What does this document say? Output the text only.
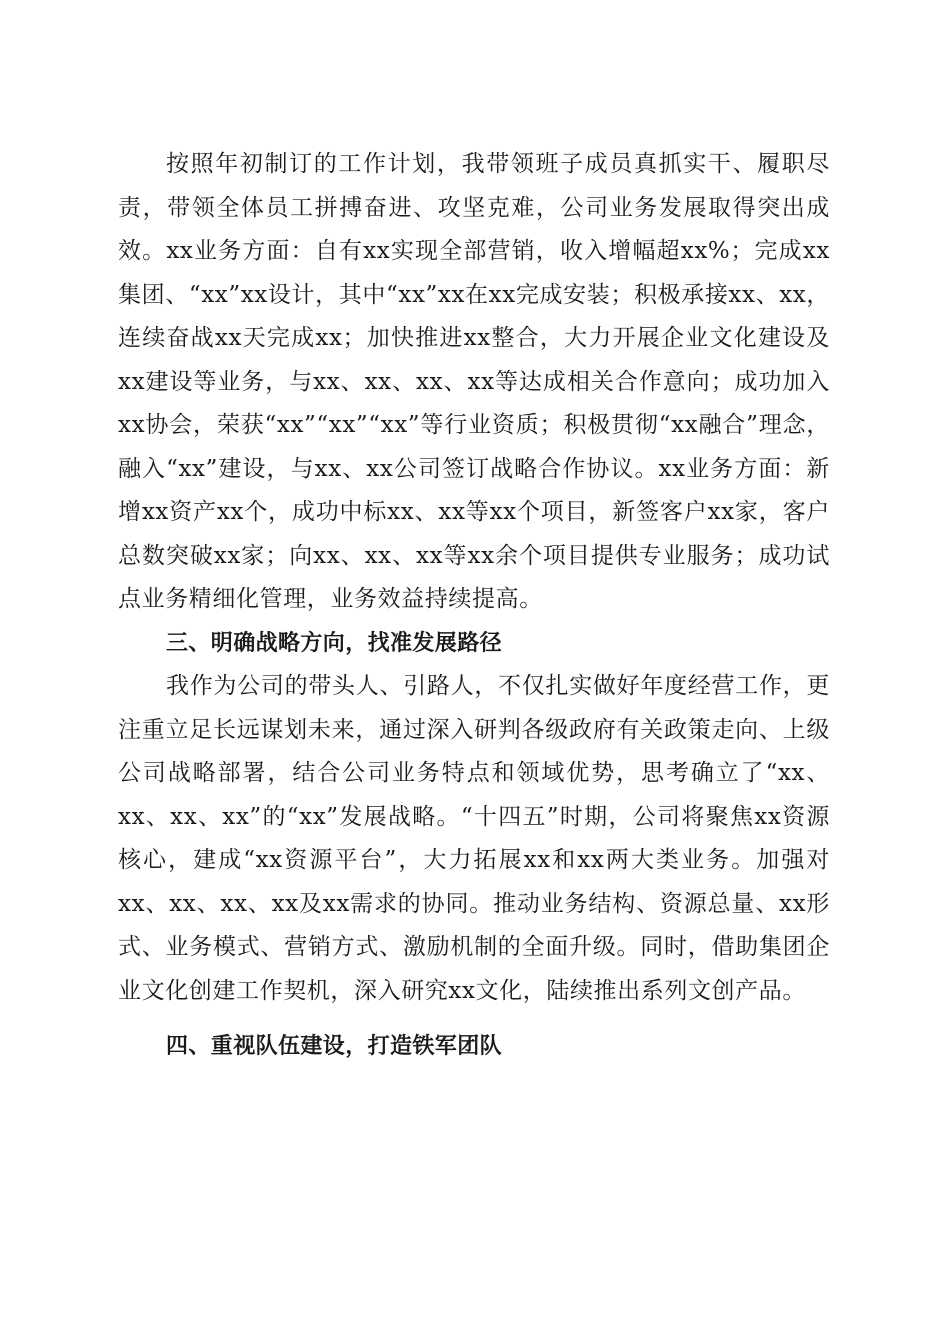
按照年初制订的工作计划，我带领班子成员真抓实干、履职尽责，带领全体员工拼搏奋进、攻坚克难，公司业务发展取得突出成效。xx业务方面：自有xx实现全部营销，收入增幅超xx%；完成xx集团、“xx”xx设计，其中“xx”xx在xx完成安装；积极承接xx、xx，连续奋战xx天完成xx；加快推进xx整合，大力开展企业文化建设及xx建设等业务，与xx、xx、xx、xx等达成相关合作意向；成功加入xx协会，荣获“xx”“xx”“xx”等行业资质；积极贯彻“xx融合”理念，融入“xx”建设，与xx、xx公司签订战略合作协议。xx业务方面：新增xx资产xx个，成功中标xx、xx等xx个项目，新签客户xx家，客户总数突破xx家；向xx、xx、xx等xx余个项目提供专业服务；成功试点业务精细化管理，业务效益持续提高。

三、明确战略方向，找准发展路径

我作为公司的带头人、引路人，不仅扎实做好年度经营工作，更注重立足长远谋划未来，通过深入研判各级政府有关政策走向、上级公司战略部署，结合公司业务特点和领域优势，思考确立了“xx、xx、xx、xx”的“xx”发展战略。“十四五”时期，公司将聚焦xx资源核心，建成“xx资源平台”，大力拓展xx和xx两大类业务。加强对xx、xx、xx、xx及xx需求的协同。推动业务结构、资源总量、xx形式、业务模式、营销方式、激励机制的全面升级。同时，借助集团企业文化创建工作契机，深入研究xx文化，陆续推出系列文创产品。

四、重视队伍建设，打造铁军团队
